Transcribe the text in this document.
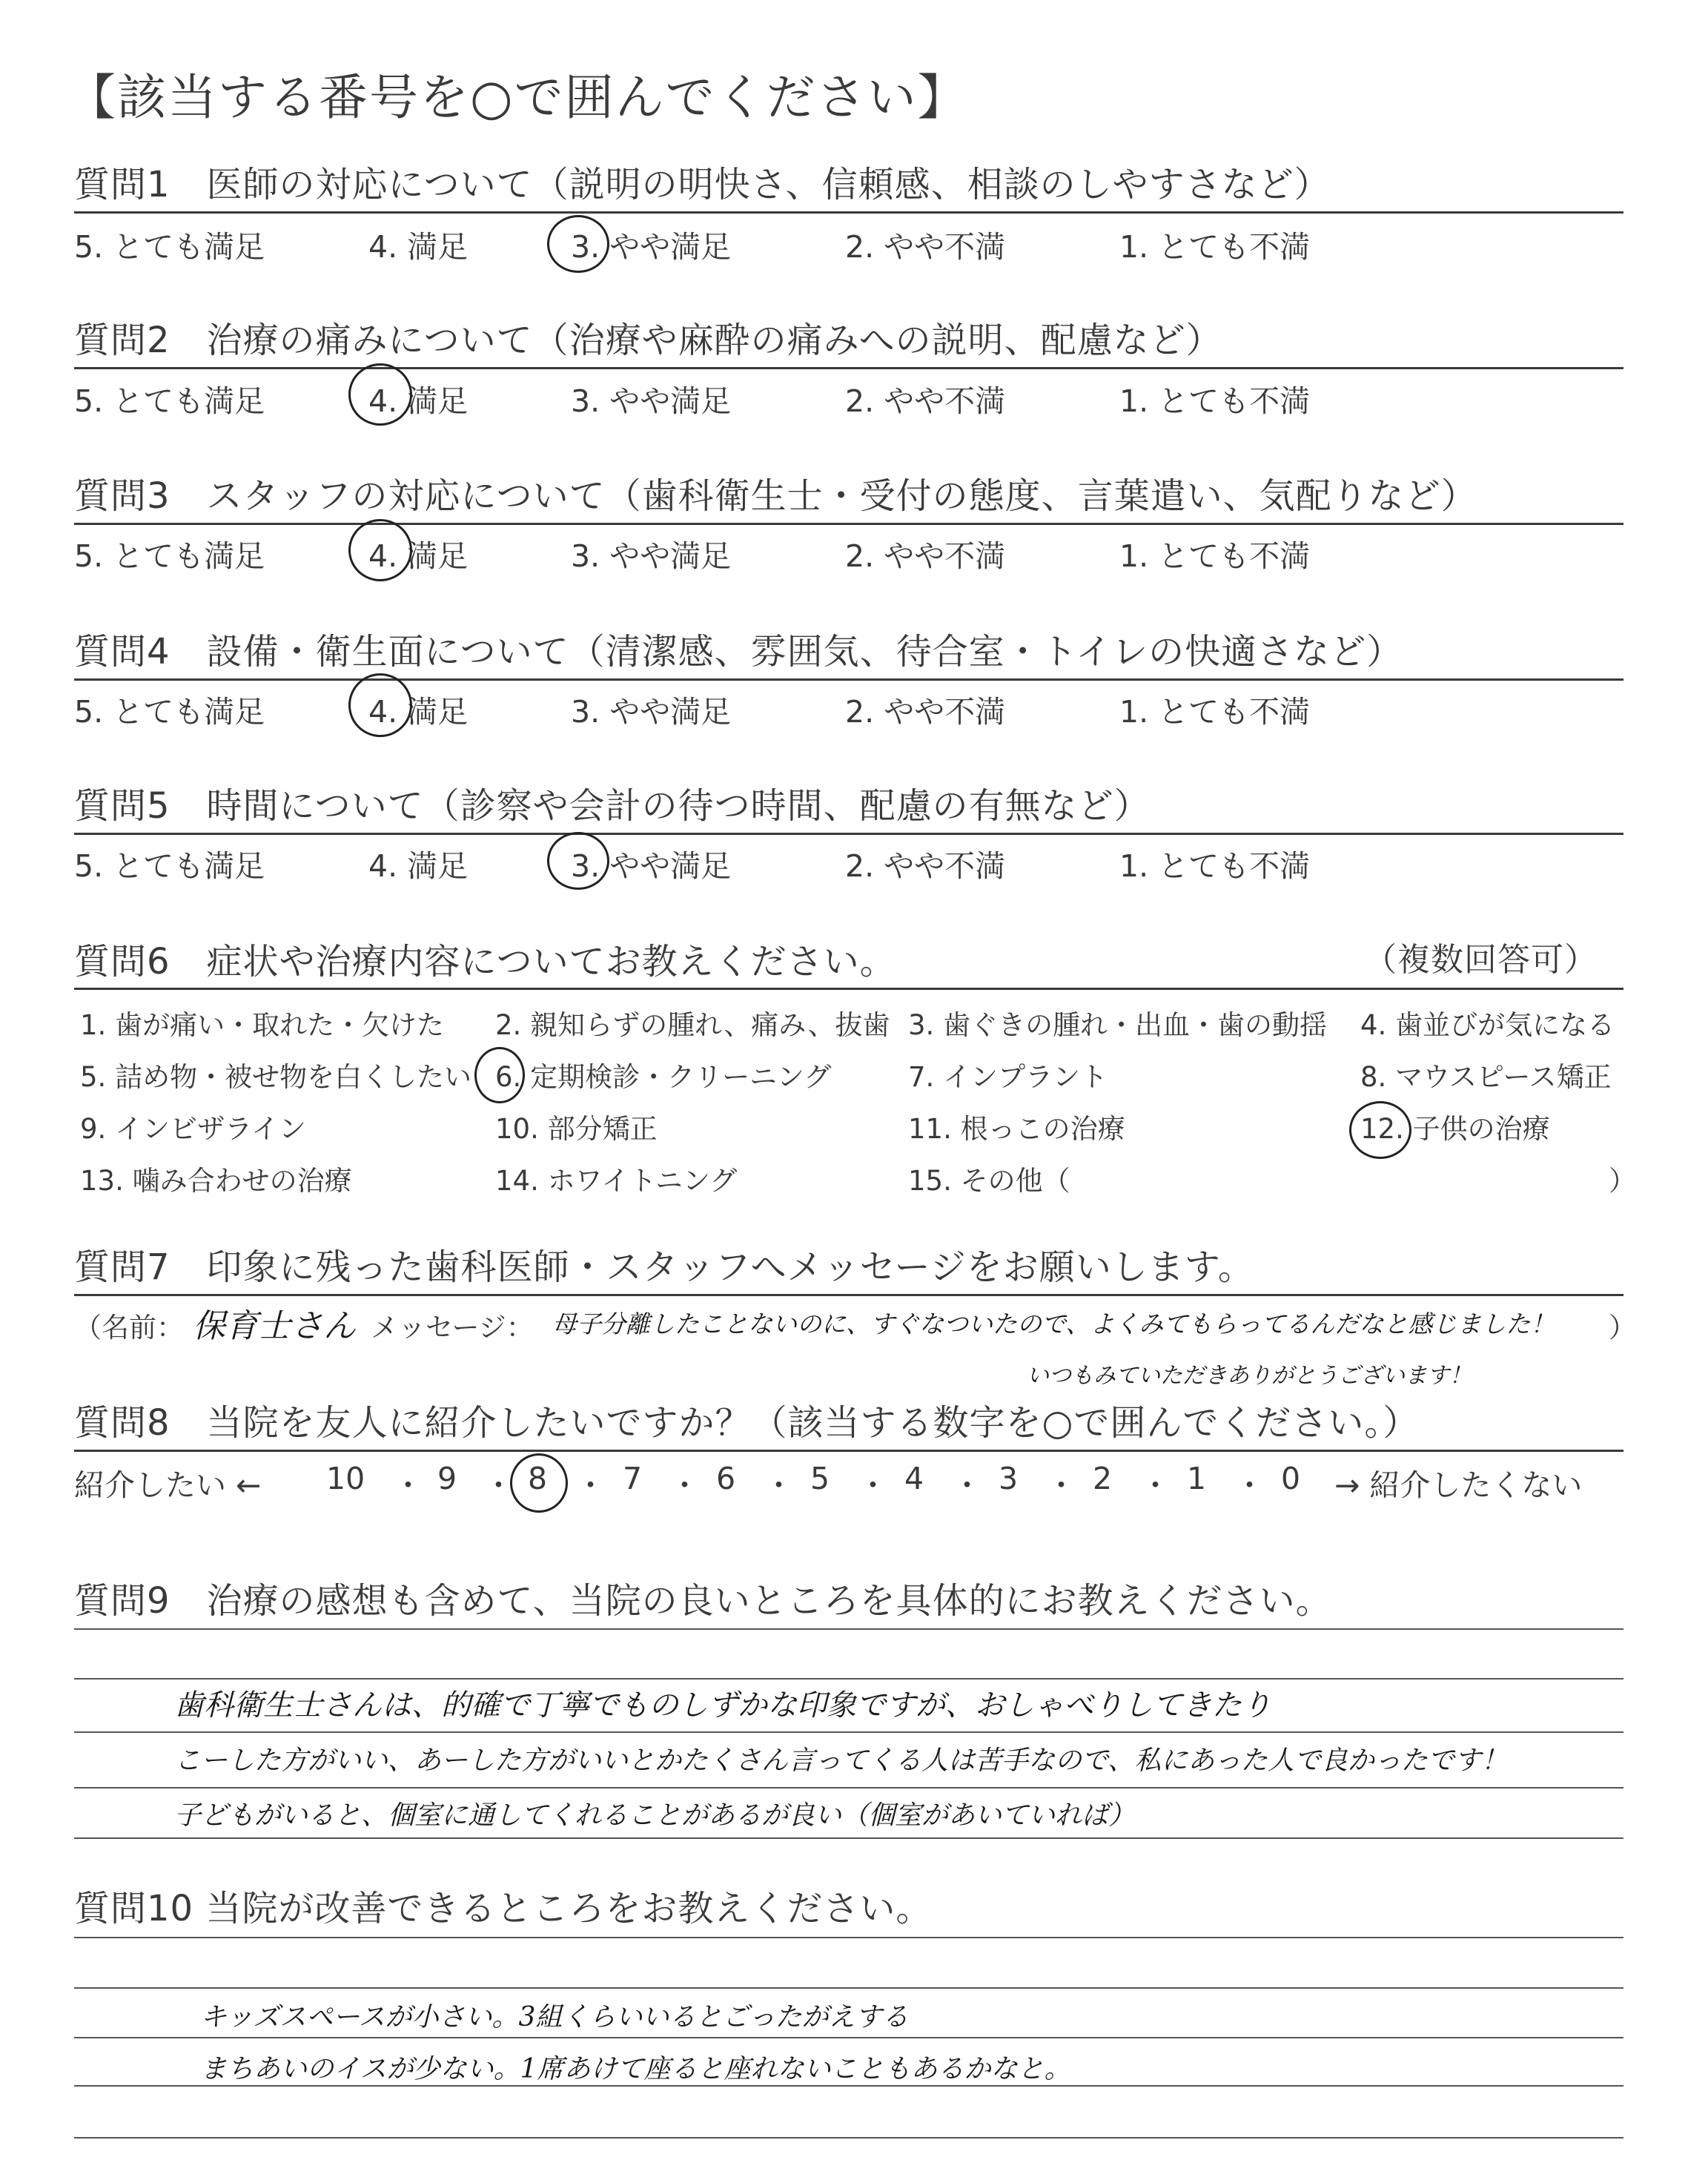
【該当する番号を○で囲んでください】
質問1　医師の対応について（説明の明快さ、信頼感、相談のしやすさなど）
5. とても満足	4. 満足	3. やや満足	2. やや不満	1. とても不満
質問2　治療の痛みについて（治療や麻酔の痛みへの説明、配慮など）
5. とても満足	4. 満足	3. やや満足	2. やや不満	1. とても不満
質問3　スタッフの対応について（歯科衛生士・受付の態度、言葉遣い、気配りなど）
5. とても満足	4. 満足	3. やや満足	2. やや不満	1. とても不満
質問4　設備・衛生面について（清潔感、雰囲気、待合室・トイレの快適さなど）
5. とても満足	4. 満足	3. やや満足	2. やや不満	1. とても不満
質問5　時間について（診察や会計の待つ時間、配慮の有無など）
5. とても満足	4. 満足	3. やや満足	2. やや不満	1. とても不満
質問6　症状や治療内容についてお教えください。	（複数回答可）
1. 歯が痛い・取れた・欠けた 2. 親知らずの腫れ、痛み、抜歯 3. 歯ぐきの腫れ・出血・歯の動揺 4. 歯並びが気になる
5. 詰め物・被せ物を白くしたい 6. 定期検診・クリーニング	7. インプラント	8. マウスピース矯正
9. インビザライン	10. 部分矯正	11. 根っこの治療	12. 子供の治療
13. 噛み合わせの治療	14. ホワイトニング	15. その他（	）
質問7　印象に残った歯科医師・スタッフへメッセージをお願いします。
（名前： 保育士さん メッセージ： 母子分離したことないのに、すぐなついたので、よくみてもらってるんだなと感じました！ ）
いつもみていただきありがとうございます！
質問8　当院を友人に紹介したいですか？（該当する数字を○で囲んでください。）
紹介したい ← 10 ・ 9 ・ 8 ・ 7 ・ 6 ・ 5 ・ 4 ・ 3 ・ 2 ・ 1 ・ 0 → 紹介したくない
質問9　治療の感想も含めて、当院の良いところを具体的にお教えください。
歯科衛生士さんは、的確で丁寧でものしずかな印象ですが、おしゃべりしてきたり
こーした方がいい、あーした方がいいとかたくさん言ってくる人は苦手なので、私にあった人で良かったです！
子どもがいると、個室に通してくれることがあるが良い（個室があいていれば）
質問10 当院が改善できるところをお教えください。
キッズスペースが小さい。3組くらいいるとごったがえする
まちあいのイスが少ない。1席あけて座ると座れないこともあるかなと。
